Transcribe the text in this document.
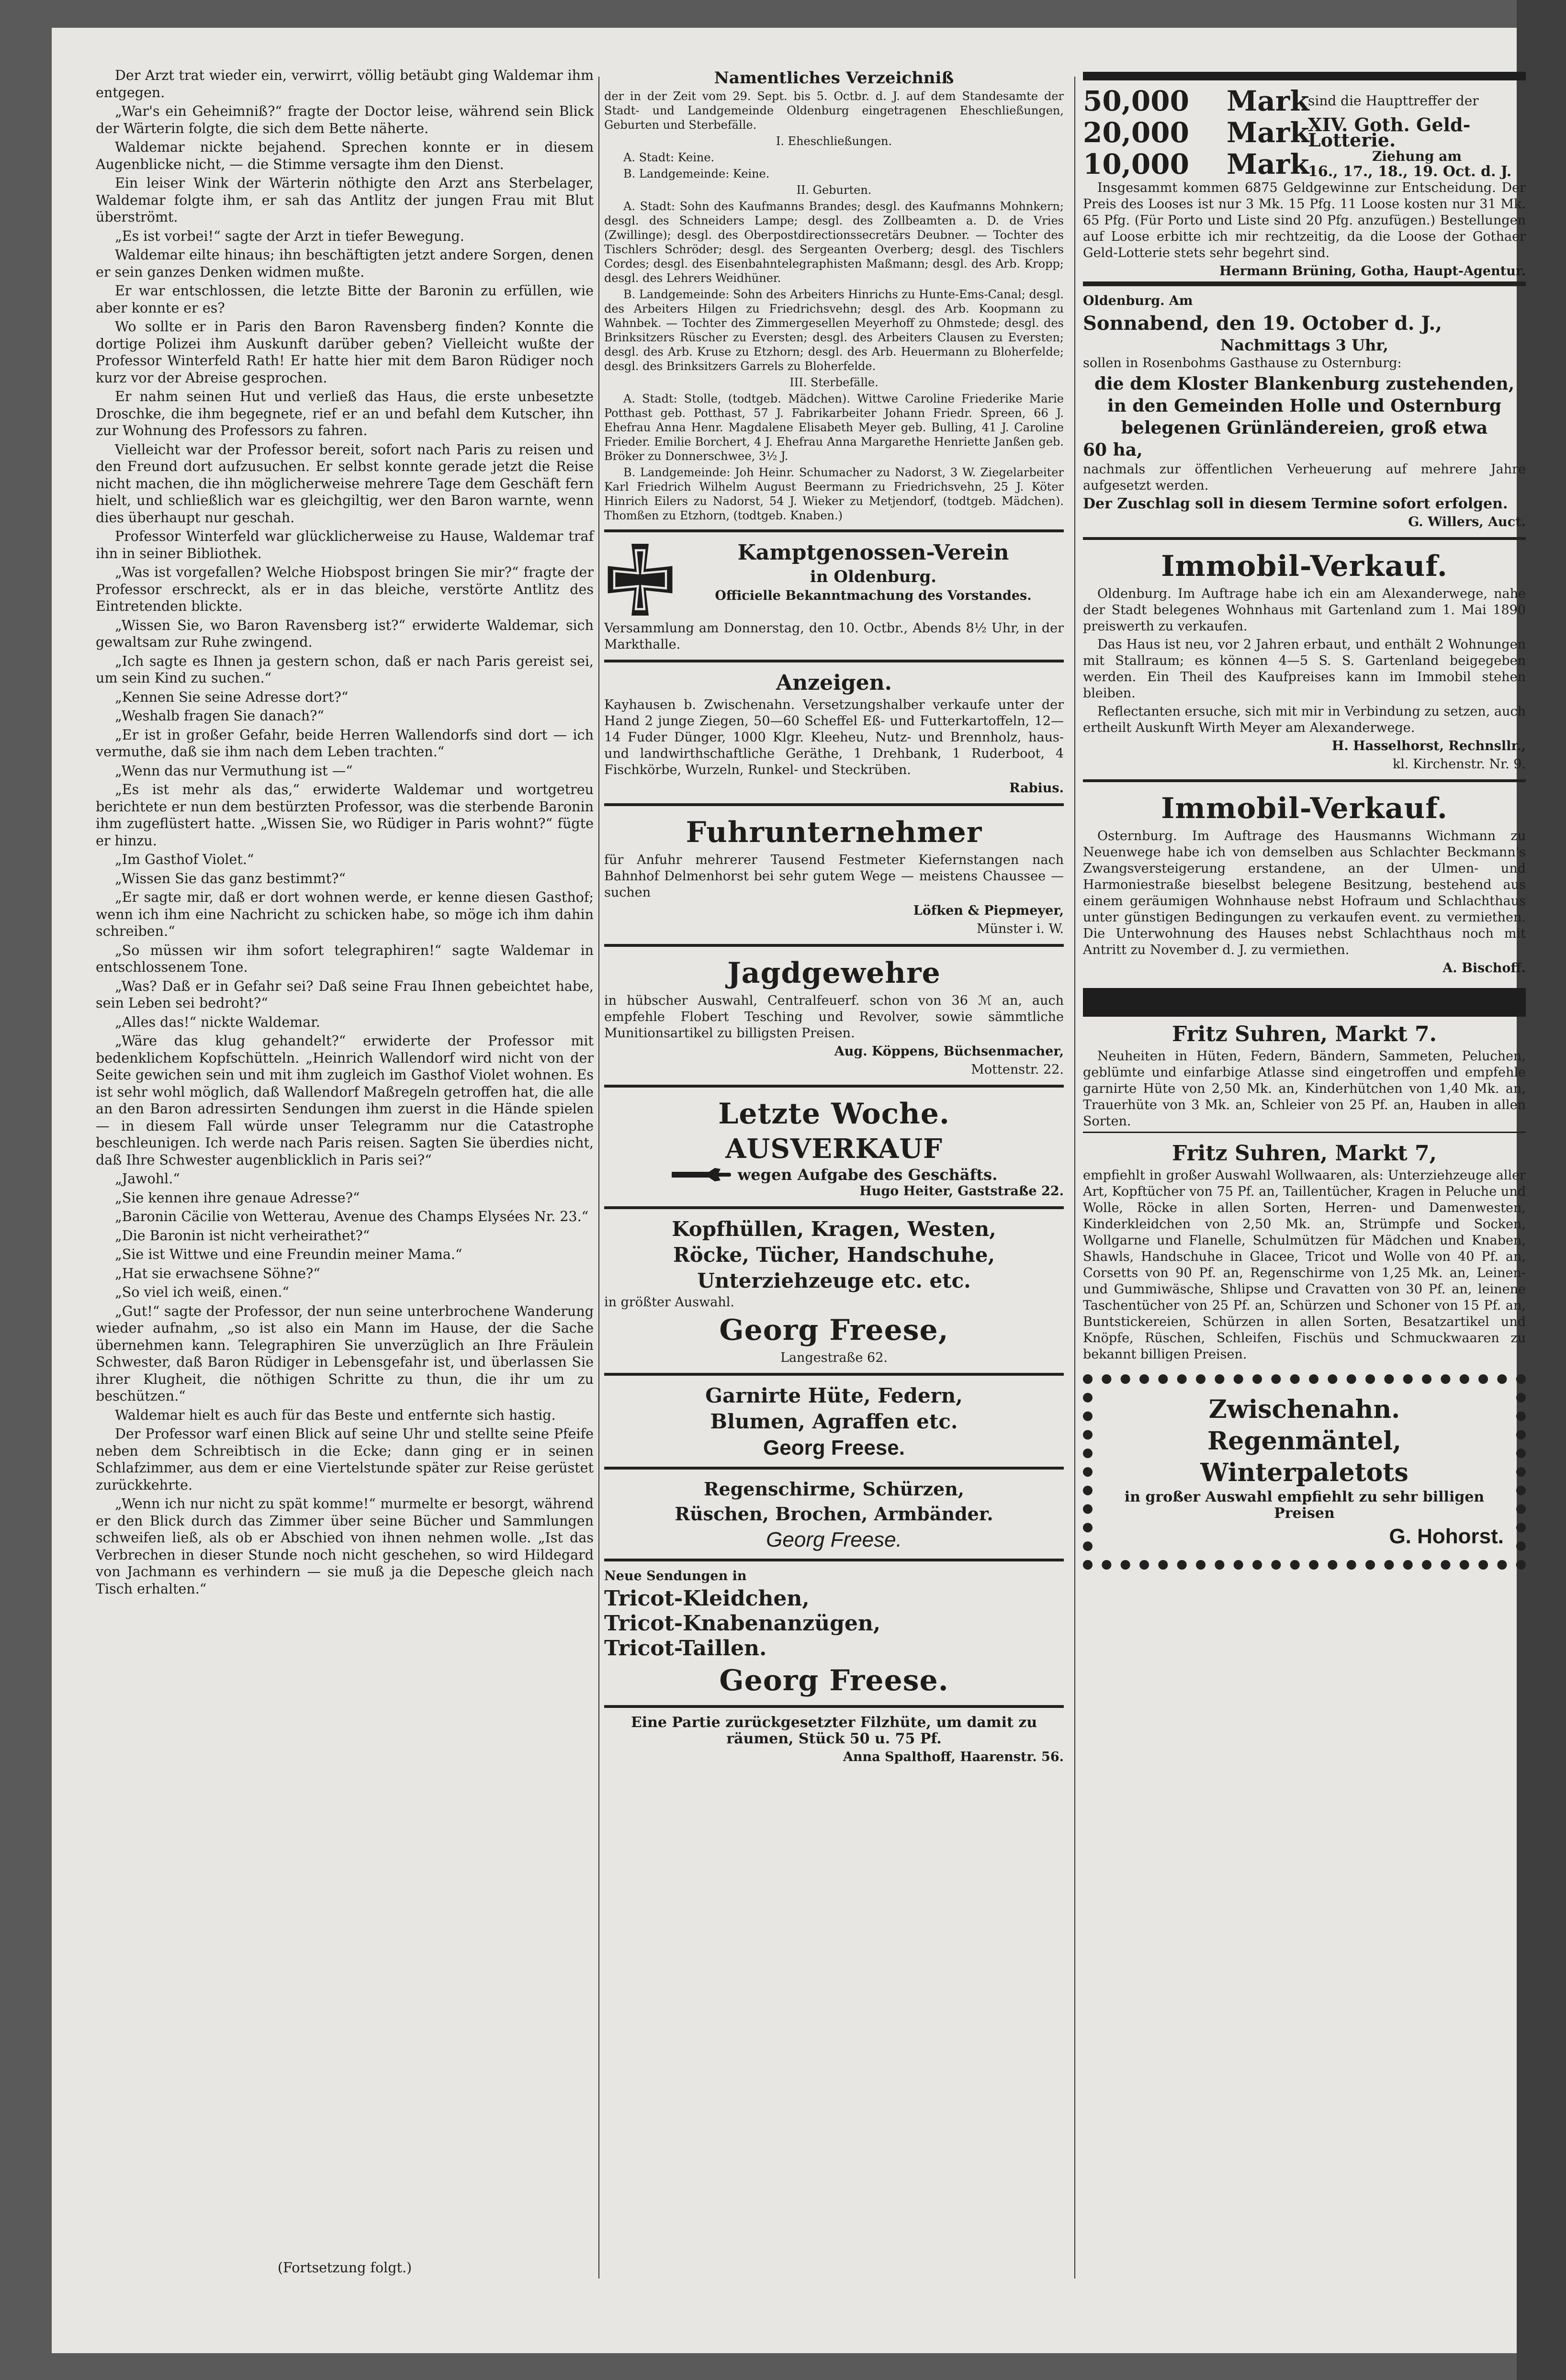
Der Arzt trat wieder ein, verwirrt, völlig betäubt ging Waldemar ihm entgegen.

„War's ein Geheimniß?“ fragte der Doctor leise, während sein Blick der Wärterin folgte, die sich dem Bette näherte.

Waldemar nickte bejahend. Sprechen konnte er in diesem Augenblicke nicht, — die Stimme versagte ihm den Dienst.

Ein leiser Wink der Wärterin nöthigte den Arzt ans Sterbelager, Waldemar folgte ihm, er sah das Antlitz der jungen Frau mit Blut überströmt.

„Es ist vorbei!“ sagte der Arzt in tiefer Bewegung.

Waldemar eilte hinaus; ihn beschäftigten jetzt andere Sorgen, denen er sein ganzes Denken widmen mußte.

Er war entschlossen, die letzte Bitte der Baronin zu erfüllen, wie aber konnte er es?

Wo sollte er in Paris den Baron Ravensberg finden? Konnte die dortige Polizei ihm Auskunft darüber geben? Vielleicht wußte der Professor Winterfeld Rath! Er hatte hier mit dem Baron Rüdiger noch kurz vor der Abreise gesprochen.

Er nahm seinen Hut und verließ das Haus, die erste unbesetzte Droschke, die ihm begegnete, rief er an und befahl dem Kutscher, ihn zur Wohnung des Professors zu fahren.

Vielleicht war der Professor bereit, sofort nach Paris zu reisen und den Freund dort aufzusuchen. Er selbst konnte gerade jetzt die Reise nicht machen, die ihn möglicherweise mehrere Tage dem Geschäft fern hielt, und schließlich war es gleichgiltig, wer den Baron warnte, wenn dies überhaupt nur geschah.

Professor Winterfeld war glücklicherweise zu Hause, Waldemar traf ihn in seiner Bibliothek.

„Was ist vorgefallen? Welche Hiobspost bringen Sie mir?“ fragte der Professor erschreckt, als er in das bleiche, verstörte Antlitz des Eintretenden blickte.

„Wissen Sie, wo Baron Ravensberg ist?“ erwiderte Waldemar, sich gewaltsam zur Ruhe zwingend.

„Ich sagte es Ihnen ja gestern schon, daß er nach Paris gereist sei, um sein Kind zu suchen.“

„Kennen Sie seine Adresse dort?“

„Weshalb fragen Sie danach?“

„Er ist in großer Gefahr, beide Herren Wallendorfs sind dort — ich vermuthe, daß sie ihm nach dem Leben trachten.“

„Wenn das nur Vermuthung ist —“

„Es ist mehr als das,“ erwiderte Waldemar und wortgetreu berichtete er nun dem bestürzten Professor, was die sterbende Baronin ihm zugeflüstert hatte. „Wissen Sie, wo Rüdiger in Paris wohnt?“ fügte er hinzu.

„Im Gasthof Violet.“

„Wissen Sie das ganz bestimmt?“

„Er sagte mir, daß er dort wohnen werde, er kenne diesen Gasthof; wenn ich ihm eine Nachricht zu schicken habe, so möge ich ihm dahin schreiben.“

„So müssen wir ihm sofort telegraphiren!“ sagte Waldemar in entschlossenem Tone.

„Was? Daß er in Gefahr sei? Daß seine Frau Ihnen gebeichtet habe, sein Leben sei bedroht?“

„Alles das!“ nickte Waldemar.

„Wäre das klug gehandelt?“ erwiderte der Professor mit bedenklichem Kopfschütteln. „Heinrich Wallendorf wird nicht von der Seite gewichen sein und mit ihm zugleich im Gasthof Violet wohnen. Es ist sehr wohl möglich, daß Wallendorf Maßregeln getroffen hat, die alle an den Baron adressirten Sendungen ihm zuerst in die Hände spielen — in diesem Fall würde unser Telegramm nur die Catastrophe beschleunigen. Ich werde nach Paris reisen. Sagten Sie überdies nicht, daß Ihre Schwester augenblicklich in Paris sei?“

„Jawohl.“

„Sie kennen ihre genaue Adresse?“

„Baronin Cäcilie von Wetterau, Avenue des Champs Elysées Nr. 23.“

„Die Baronin ist nicht verheirathet?“

„Sie ist Wittwe und eine Freundin meiner Mama.“

„Hat sie erwachsene Söhne?“

„So viel ich weiß, einen.“

„Gut!“ sagte der Professor, der nun seine unterbrochene Wanderung wieder aufnahm, „so ist also ein Mann im Hause, der die Sache übernehmen kann. Telegraphiren Sie unverzüglich an Ihre Fräulein Schwester, daß Baron Rüdiger in Lebensgefahr ist, und überlassen Sie ihrer Klugheit, die nöthigen Schritte zu thun, die ihr um zu beschützen.“

Waldemar hielt es auch für das Beste und entfernte sich hastig.

Der Professor warf einen Blick auf seine Uhr und stellte seine Pfeife neben dem Schreibtisch in die Ecke; dann ging er in seinen Schlafzimmer, aus dem er eine Viertelstunde später zur Reise gerüstet zurückkehrte.

„Wenn ich nur nicht zu spät komme!“ murmelte er besorgt, während er den Blick durch das Zimmer über seine Bücher und Sammlungen schweifen ließ, als ob er Abschied von ihnen nehmen wolle. „Ist das Verbrechen in dieser Stunde noch nicht geschehen, so wird Hildegard von Jachmann es verhindern — sie muß ja die Depesche gleich nach Tisch erhalten.“

(Fortsetzung folgt.)

Namentliches Verzeichniß

der in der Zeit vom 29. Sept. bis 5. Octbr. d. J. auf dem Standesamte der Stadt- und Landgemeinde Oldenburg eingetragenen Eheschließungen, Geburten und Sterbefälle.

I. Eheschließungen.

A. Stadt: Keine.

B. Landgemeinde: Keine.

II. Geburten.

A. Stadt: Sohn des Kaufmanns Brandes; desgl. des Kaufmanns Mohnkern; desgl. des Schneiders Lampe; desgl. des Zollbeamten a. D. de Vries (Zwillinge); desgl. des Oberpostdirectionssecretärs Deubner. — Tochter des Tischlers Schröder; desgl. des Sergeanten Overberg; desgl. des Tischlers Cordes; desgl. des Eisenbahntelegraphisten Maßmann; desgl. des Arb. Kropp; desgl. des Lehrers Weidhüner.

B. Landgemeinde: Sohn des Arbeiters Hinrichs zu Hunte-Ems-Canal; desgl. des Arbeiters Hilgen zu Friedrichsvehn; desgl. des Arb. Koopmann zu Wahnbek. — Tochter des Zimmergesellen Meyerhoff zu Ohmstede; desgl. des Brinksitzers Rüscher zu Eversten; desgl. des Arbeiters Clausen zu Eversten; desgl. des Arb. Kruse zu Etzhorn; desgl. des Arb. Heuermann zu Bloherfelde; desgl. des Brinksitzers Garrels zu Bloherfelde.

III. Sterbefälle.

A. Stadt: Stolle, (todtgeb. Mädchen). Wittwe Caroline Friederike Marie Potthast geb. Potthast, 57 J. Fabrikarbeiter Johann Friedr. Spreen, 66 J. Ehefrau Anna Henr. Magdalene Elisabeth Meyer geb. Bulling, 41 J. Caroline Frieder. Emilie Borchert, 4 J. Ehefrau Anna Margarethe Henriette Janßen geb. Bröker zu Donnerschwee, 3½ J.

B. Landgemeinde: Joh Heinr. Schumacher zu Nadorst, 3 W. Ziegelarbeiter Karl Friedrich Wilhelm August Beermann zu Friedrichsvehn, 25 J. Köter Hinrich Eilers zu Nadorst, 54 J. Wieker zu Metjendorf, (todtgeb. Mädchen). Thomßen zu Etzhorn, (todtgeb. Knaben.)

Kamptgenossen-Verein
in Oldenburg.

Officielle Bekanntmachung des Vorstandes.

Versammlung am Donnerstag, den 10. Octbr., Abends 8½ Uhr, in der Markthalle.

Anzeigen.

Kayhausen b. Zwischenahn. Versetzungshalber verkaufe unter der Hand 2 junge Ziegen, 50—60 Scheffel Eß- und Futterkartoffeln, 12—14 Fuder Dünger, 1000 Klgr. Kleeheu, Nutz- und Brennholz, haus- und landwirthschaftliche Geräthe, 1 Drehbank, 1 Ruderboot, 4 Fischkörbe, Wurzeln, Runkel- und Steckrüben.

Rabius.

Fuhrunternehmer

für Anfuhr mehrerer Tausend Festmeter Kiefernstangen nach Bahnhof Delmenhorst bei sehr gutem Wege — meistens Chaussee — suchen

Löfken & Piepmeyer,

Münster i. W.

Jagdgewehre

in hübscher Auswahl, Centralfeuerf. schon von 36 ℳ an, auch empfehle Flobert Tesching und Revolver, sowie sämmtliche Munitionsartikel zu billigsten Preisen.

Aug. Köppens, Büchsenmacher,

Mottenstr. 22.

Letzte Woche.
AUSVERKAUF
wegen Aufgabe des Geschäfts.

Hugo Heiter, Gaststraße 22.

Kopfhüllen, Kragen, Westen,
Röcke, Tücher, Handschuhe,
Unterziehzeuge etc. etc.

in größter Auswahl.

Georg Freese,

Langestraße 62.

Garnirte Hüte, Federn,
Blumen, Agraffen etc.
Georg Freese.
Regenschirme, Schürzen,
Rüschen, Brochen, Armbänder.
Georg Freese.

Neue Sendungen in

Tricot-Kleidchen,
Tricot-Knabenanzügen,
Tricot-Taillen.
Georg Freese.

Eine Partie zurückgesetzter Filzhüte, um damit zu räumen, Stück 50 u. 75 Pf.

Anna Spalthoff, Haarenstr. 56.

50,000	Mark
sind die Haupttreffer der
20,000	Mark
XIV. Goth. Geld-Lotterie.
10,000	Mark	Ziehung am
16., 17., 18., 19. Oct. d. J.

Insgesammt kommen 6875 Geldgewinne zur Entscheidung. Der Preis des Looses ist nur 3 Mk. 15 Pfg. 11 Loose kosten nur 31 Mk. 65 Pfg. (Für Porto und Liste sind 20 Pfg. anzufügen.) Bestellungen auf Loose erbitte ich mir rechtzeitig, da die Loose der Gothaer Geld-Lotterie stets sehr begehrt sind.

Hermann Brüning, Gotha, Haupt-Agentur.

Oldenburg. Am

Sonnabend, den 19. October d. J.,

Nachmittags 3 Uhr,

sollen in Rosenbohms Gasthause zu Osternburg:

die dem Kloster Blankenburg zustehenden,
in den Gemeinden Holle und Osternburg
belegenen Grünländereien, groß etwa
60 ha,

nachmals zur öffentlichen Verheuerung auf mehrere Jahre aufgesetzt werden.

Der Zuschlag soll in diesem Termine sofort erfolgen.

G. Willers, Auct.

Immobil-Verkauf.

Oldenburg. Im Auftrage habe ich ein am Alexanderwege, nahe der Stadt belegenes Wohnhaus mit Gartenland zum 1. Mai 1890 preiswerth zu verkaufen.

Das Haus ist neu, vor 2 Jahren erbaut, und enthält 2 Wohnungen mit Stallraum; es können 4—5 S. S. Gartenland beigegeben werden. Ein Theil des Kaufpreises kann im Immobil stehen bleiben.

Reflectanten ersuche, sich mit mir in Verbindung zu setzen, auch ertheilt Auskunft Wirth Meyer am Alexanderwege.

H. Hasselhorst, Rechnsllr.,

kl. Kirchenstr. Nr. 9.

Immobil-Verkauf.

Osternburg. Im Auftrage des Hausmanns Wichmann zu Neuenwege habe ich von demselben aus Schlachter Beckmann's Zwangsversteigerung erstandene, an der Ulmen- und Harmoniestraße bieselbst belegene Besitzung, bestehend aus einem geräumigen Wohnhause nebst Hofraum und Schlachthaus unter günstigen Bedingungen zu verkaufen event. zu vermiethen. Die Unterwohnung des Hauses nebst Schlachthaus noch mit Antritt zu November d. J. zu vermiethen.

A. Bischoff.

Fritz Suhren, Markt 7.

Neuheiten in Hüten, Federn, Bändern, Sammeten, Peluchen, geblümte und einfarbige Atlasse sind eingetroffen und empfehle garnirte Hüte von 2,50 Mk. an, Kinderhütchen von 1,40 Mk. an, Trauerhüte von 3 Mk. an, Schleier von 25 Pf. an, Hauben in allen Sorten.

Fritz Suhren, Markt 7,

empfiehlt in großer Auswahl Wollwaaren, als: Unterziehzeuge aller Art, Kopftücher von 75 Pf. an, Taillentücher, Kragen in Peluche und Wolle, Röcke in allen Sorten, Herren- und Damenwesten, Kinderkleidchen von 2,50 Mk. an, Strümpfe und Socken, Wollgarne und Flanelle, Schulmützen für Mädchen und Knaben, Shawls, Handschuhe in Glacee, Tricot und Wolle von 40 Pf. an, Corsetts von 90 Pf. an, Regenschirme von 1,25 Mk. an, Leinen- und Gummiwäsche, Shlipse und Cravatten von 30 Pf. an, leinene Taschentücher von 25 Pf. an, Schürzen und Schoner von 15 Pf. an, Buntstickereien, Schürzen in allen Sorten, Besatzartikel und Knöpfe, Rüschen, Schleifen, Fischüs und Schmuckwaaren zu bekannt billigen Preisen.

Zwischenahn.
Regenmäntel,
Winterpaletots

in großer Auswahl empfiehlt zu sehr billigen Preisen

G. Hohorst.
